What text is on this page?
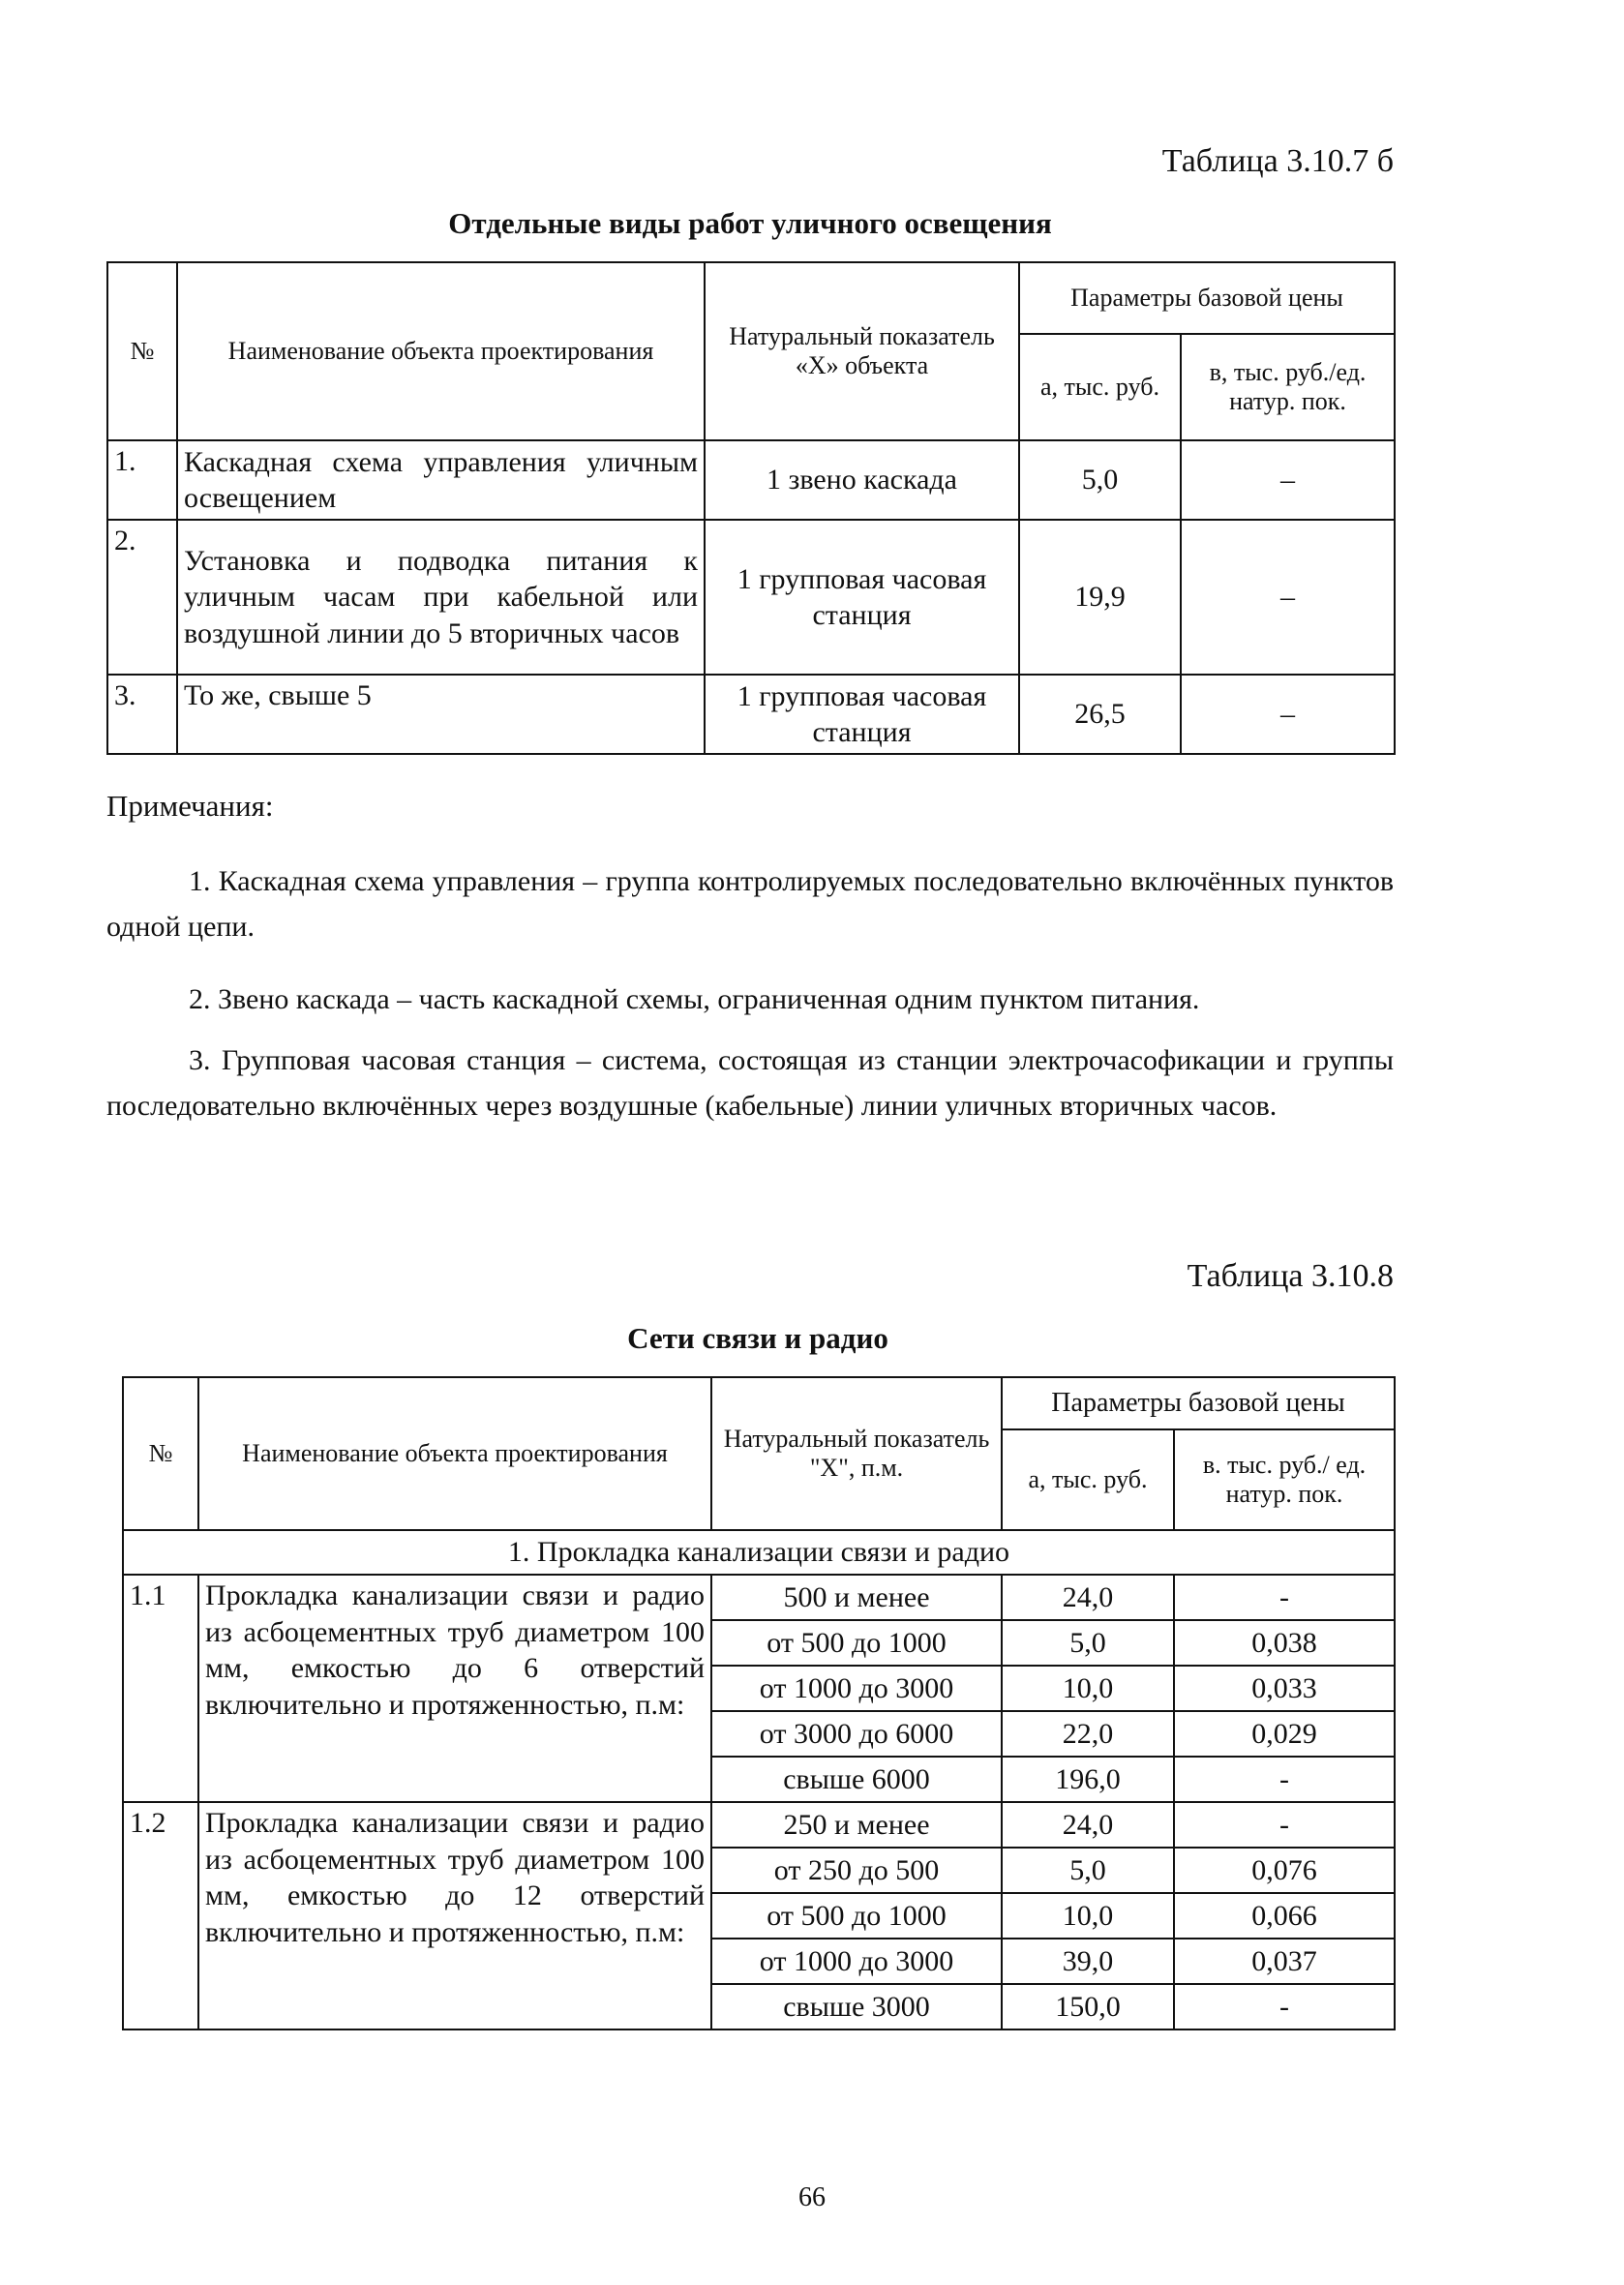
Таблица 3.10.7 б
Отдельные виды работ уличного освещения
№	Наименование объекта проектирования	Натуральный показатель «Х» объекта	Параметры базовой цены	
			а, тыс. руб.	в, тыс. руб./ед. натур. пок.
1.	Каскадная схема управления уличным освещением	1 звено каскада	5,0	–
2.	Установка и подводка питания к уличным часам при кабельной или воздушной линии до 5 вторичных часов	1 групповая часовая станция	19,9	–
3.	То же, свыше 5	1 групповая часовая станция	26,5	–
Примечания:
1. Каскадная схема управления – группа контролируемых последовательно включённых пунктов одной цепи.
2. Звено каскада – часть каскадной схемы, ограниченная одним пунктом питания.
3. Групповая часовая станция – система, состоящая из станции электрочасофикации и группы последовательно включённых через воздушные (кабельные) линии уличных вторичных часов.
Таблица 3.10.8
Сети связи и радио
№	Наименование объекта проектирования	Натуральный показатель "Х", п.м.	Параметры базовой цены	
			а, тыс. руб.	в. тыс. руб./ ед. натур. пок.
1. Прокладка канализации связи и радио				
1.1	Прокладка канализации связи и радио из асбоцементных труб диаметром 100 мм, емкостью до 6 отверстий включительно и протяженностью, п.м:	500 и менее	24,0	-
		от 500 до 1000	5,0	0,038
		от 1000 до 3000	10,0	0,033
		от 3000 до 6000	22,0	0,029
		свыше 6000	196,0	-
1.2	Прокладка канализации связи и радио из асбоцементных труб диаметром 100 мм, емкостью до 12 отверстий включительно и протяженностью, п.м:	250 и менее	24,0	-
		от 250 до 500	5,0	0,076
		от 500 до 1000	10,0	0,066
		от 1000 до 3000	39,0	0,037
		свыше 3000	150,0	-
66
